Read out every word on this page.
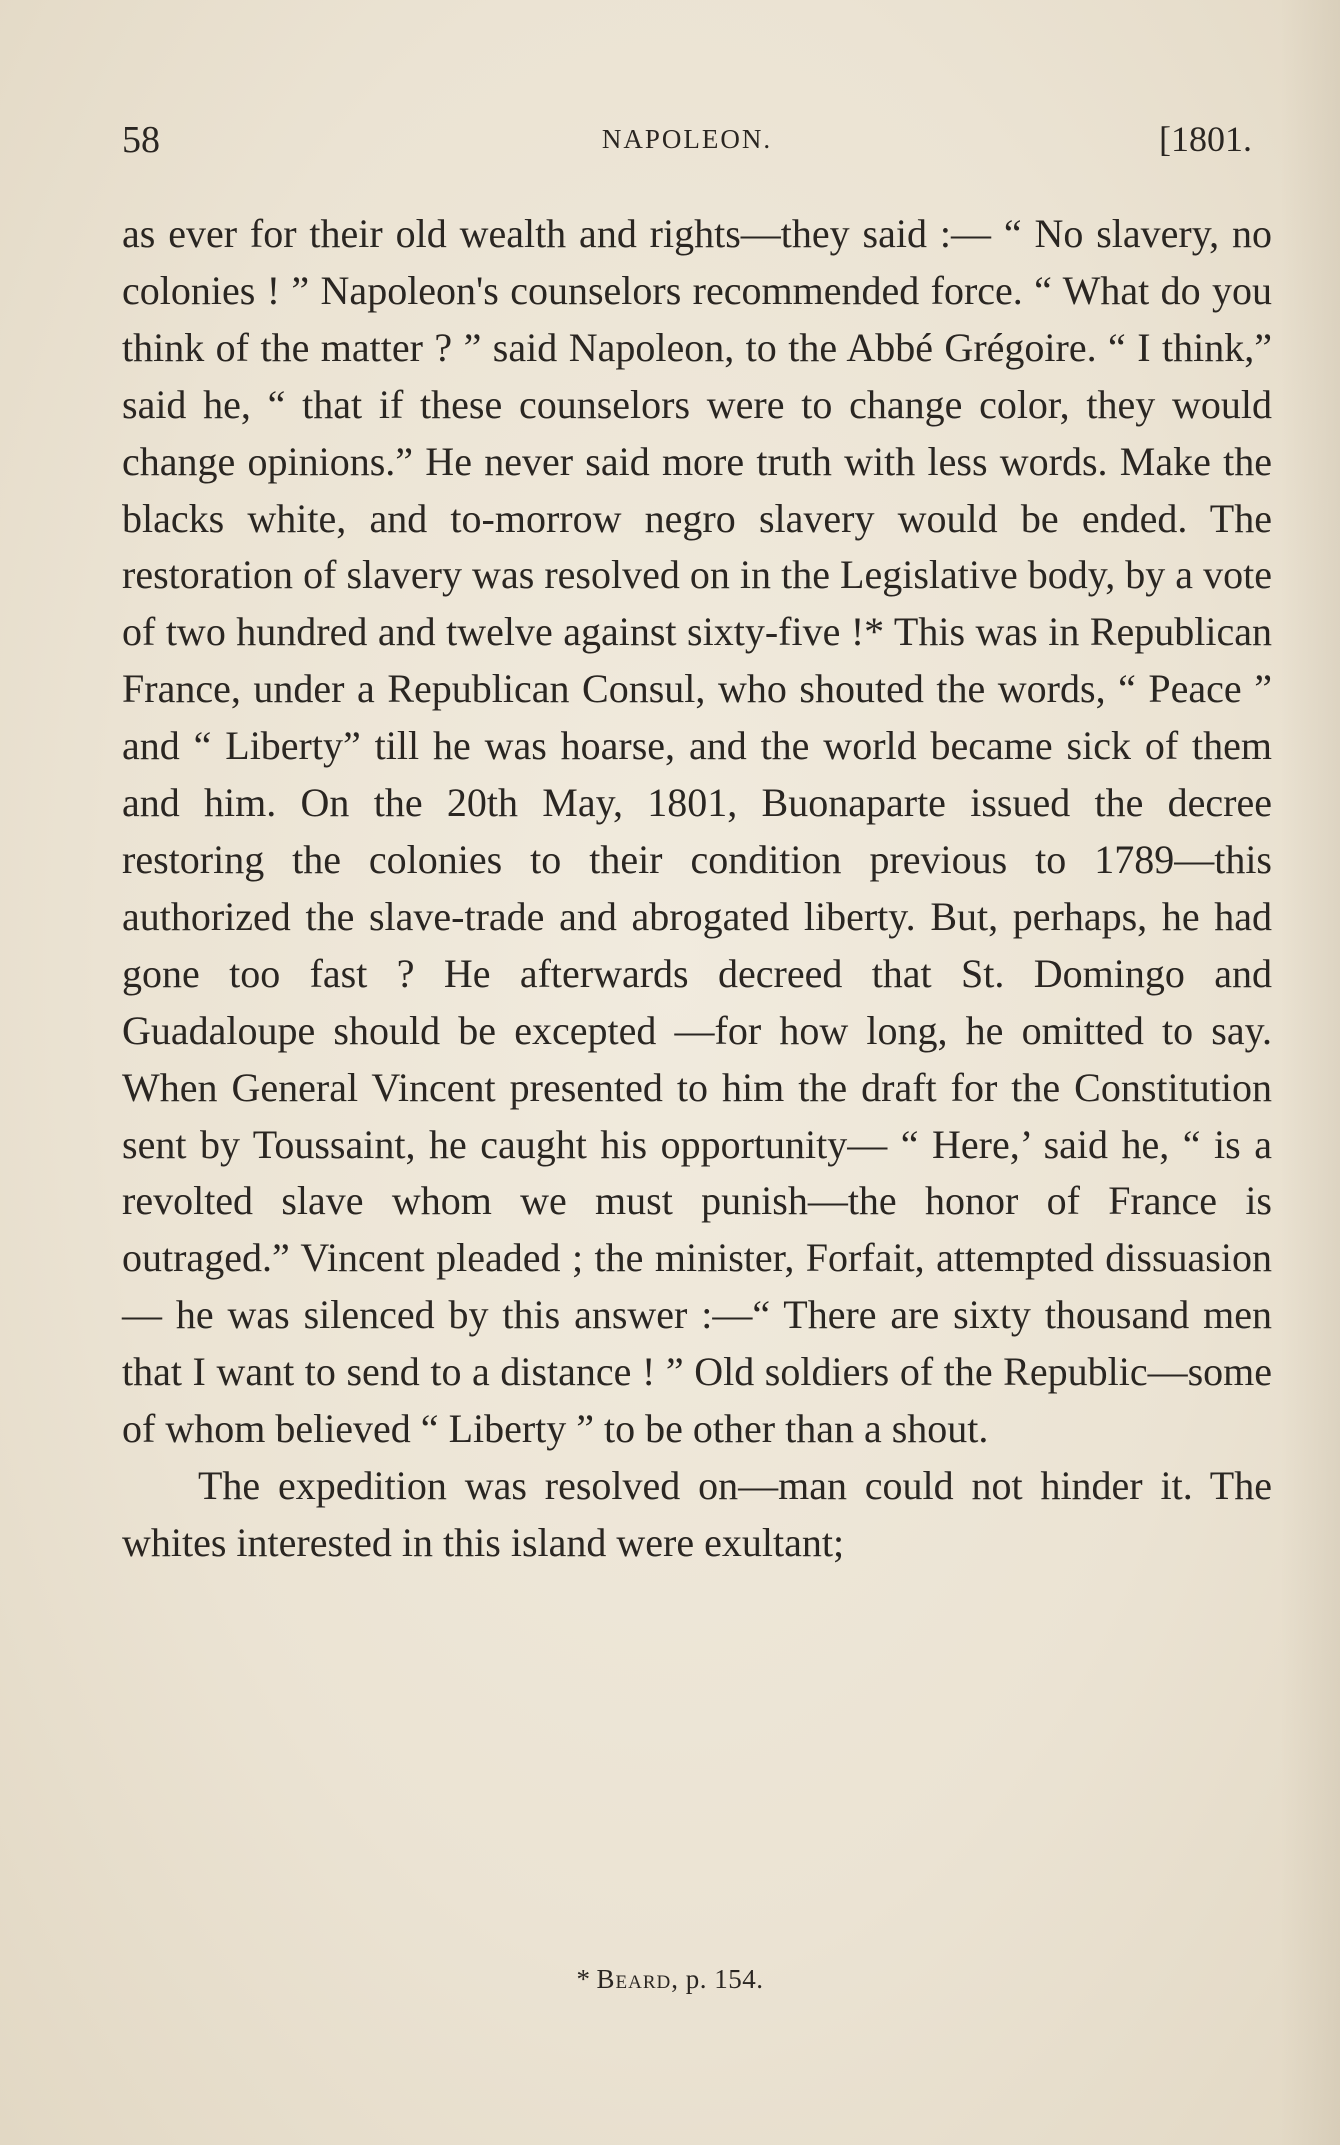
58	NAPOLEON.	[1801.

as ever for their old wealth and rights—they said :— “ No slavery, no colonies ! ” Napoleon's counselors recommended force. “ What do you think of the matter ? ” said Napoleon, to the Abbé Grégoire. “ I think,” said he, “ that if these counselors were to change color, they would change opinions.” He never said more truth with less words. Make the blacks white, and to-morrow negro slavery would be ended. The restoration of slavery was resolved on in the Legislative body, by a vote of two hundred and twelve against sixty-five !* This was in Republican France, under a Republican Consul, who shouted the words, “ Peace ” and “ Liberty” till he was hoarse, and the world became sick of them and him. On the 20th May, 1801, Buonaparte issued the decree restoring the colonies to their condition previous to 1789—this authorized the slave-trade and abrogated liberty. But, perhaps, he had gone too fast ? He afterwards decreed that St. Domingo and Guadaloupe should be excepted —for how long, he omitted to say. When General Vincent presented to him the draft for the Constitution sent by Toussaint, he caught his opportunity— “ Here,’ said he, “ is a revolted slave whom we must punish—the honor of France is outraged.” Vincent pleaded ; the minister, Forfait, attempted dissuasion— he was silenced by this answer :—“ There are sixty thousand men that I want to send to a distance ! ” Old soldiers of the Republic—some of whom believed “ Liberty ” to be other than a shout.

The expedition was resolved on—man could not hinder it. The whites interested in this island were exultant;

* Beard, p. 154.
